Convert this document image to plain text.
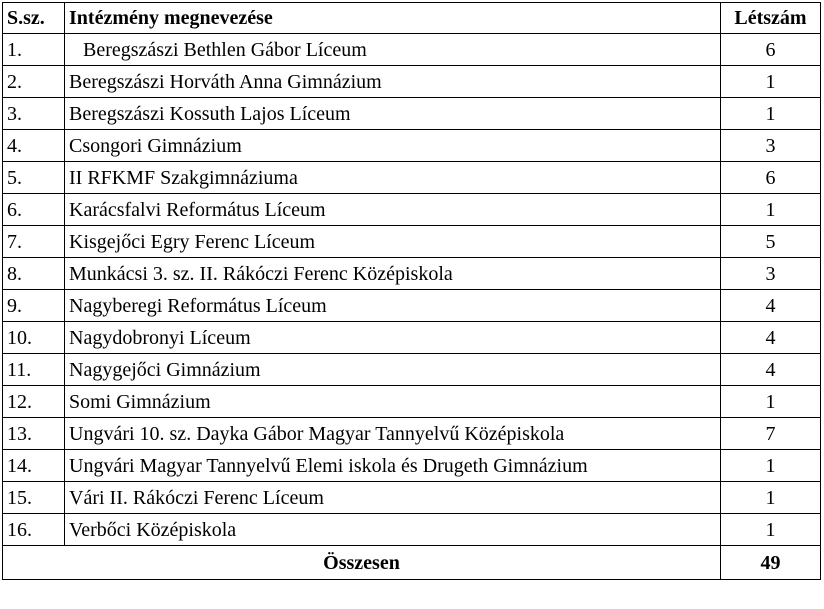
S.sz.	Intézmény megnevezése	Létszám
1.	Beregszászi Bethlen Gábor Líceum	6
2.	Beregszászi Horváth Anna Gimnázium	1
3.	Beregszászi Kossuth Lajos Líceum	1
4.	Csongori Gimnázium	3
5.	II RFKMF Szakgimnáziuma	6
6.	Karácsfalvi Református Líceum	1
7.	Kisgejőci Egry Ferenc Líceum	5
8.	Munkácsi 3. sz. II. Rákóczi Ferenc Középiskola	3
9.	Nagyberegi Református Líceum	4
10.	Nagydobronyi Líceum	4
11.	Nagygejőci Gimnázium	4
12.	Somi Gimnázium	1
13.	Ungvári 10. sz. Dayka Gábor Magyar Tannyelvű Középiskola	7
14.	Ungvári Magyar Tannyelvű Elemi iskola és Drugeth Gimnázium	1
15.	Vári II. Rákóczi Ferenc Líceum	1
16.	Verbőci Középiskola	1
Összesen		49
